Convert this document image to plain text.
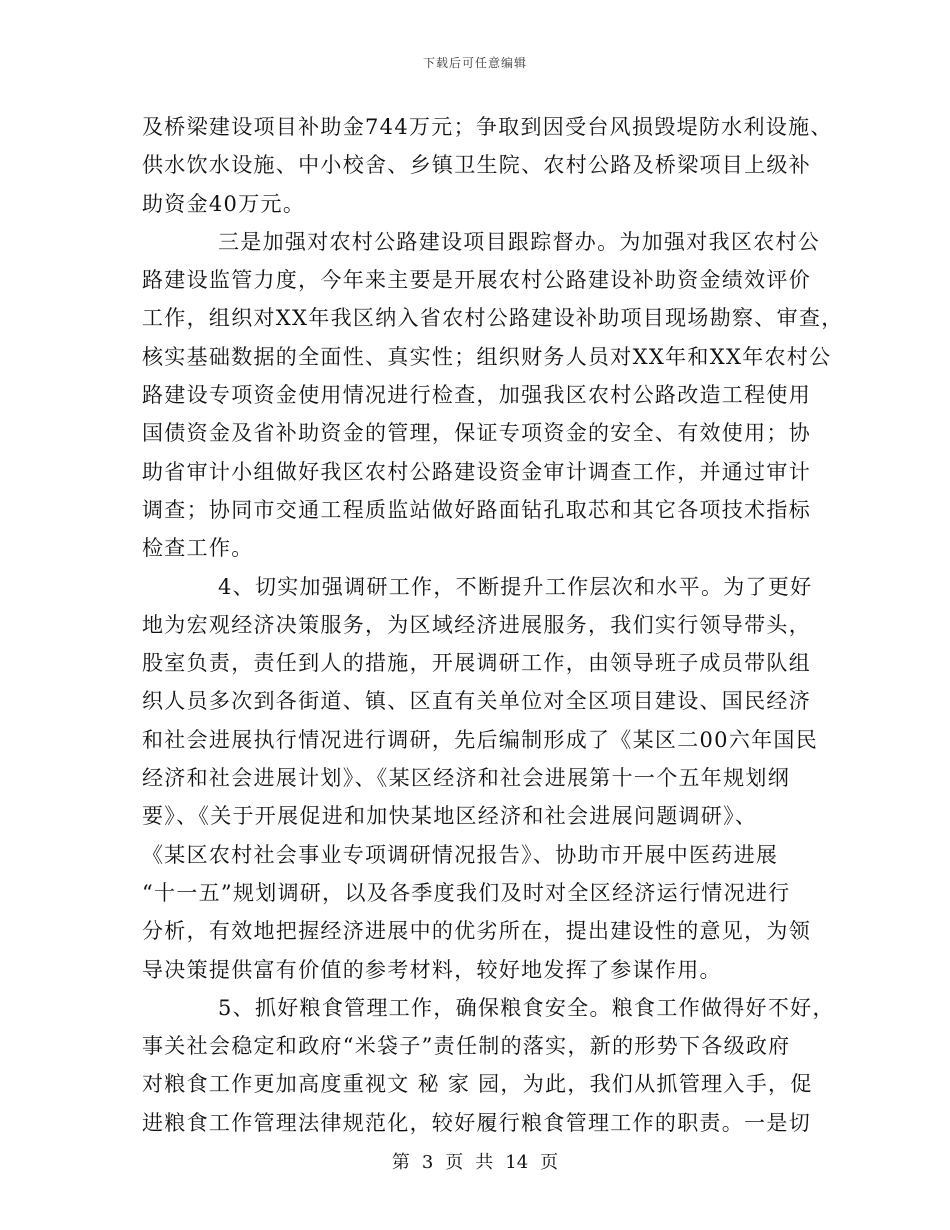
下载后可任意编辑
及桥梁建设项目补助金744万元；争取到因受台风损毁堤防水利设施、
供水饮水设施、中小校舍、乡镇卫生院、农村公路及桥梁项目上级补
助资金40万元。
三是加强对农村公路建设项目跟踪督办。为加强对我区农村公
路建设监管力度，今年来主要是开展农村公路建设补助资金绩效评价
工作，组织对XX年我区纳入省农村公路建设补助项目现场勘察、审查，
核实基础数据的全面性、真实性；组织财务人员对XX年和XX年农村公
路建设专项资金使用情况进行检查，加强我区农村公路改造工程使用
国债资金及省补助资金的管理，保证专项资金的安全、有效使用；协
助省审计小组做好我区农村公路建设资金审计调查工作，并通过审计
调查；协同市交通工程质监站做好路面钻孔取芯和其它各项技术指标
检查工作。
4、切实加强调研工作，不断提升工作层次和水平。为了更好
地为宏观经济决策服务，为区域经济进展服务，我们实行领导带头，
股室负责，责任到人的措施，开展调研工作，由领导班子成员带队组
织人员多次到各街道、镇、区直有关单位对全区项目建设、国民经济
和社会进展执行情况进行调研，先后编制形成了《某区二00六年国民
经济和社会进展计划》、《某区经济和社会进展第十一个五年规划纲
要》、《关于开展促进和加快某地区经济和社会进展问题调研》、
《某区农村社会事业专项调研情况报告》、协助市开展中医药进展
“十一五”规划调研，以及各季度我们及时对全区经济运行情况进行
分析，有效地把握经济进展中的优劣所在，提出建设性的意见，为领
导决策提供富有价值的参考材料，较好地发挥了参谋作用。
5、抓好粮食管理工作，确保粮食安全。粮食工作做得好不好，
事关社会稳定和政府“米袋子”责任制的落实，新的形势下各级政府
对粮食工作更加高度重视文 秘 家 园，为此，我们从抓管理入手，促
进粮食工作管理法律规范化，较好履行粮食管理工作的职责。一是切
第 3 页 共 14 页
